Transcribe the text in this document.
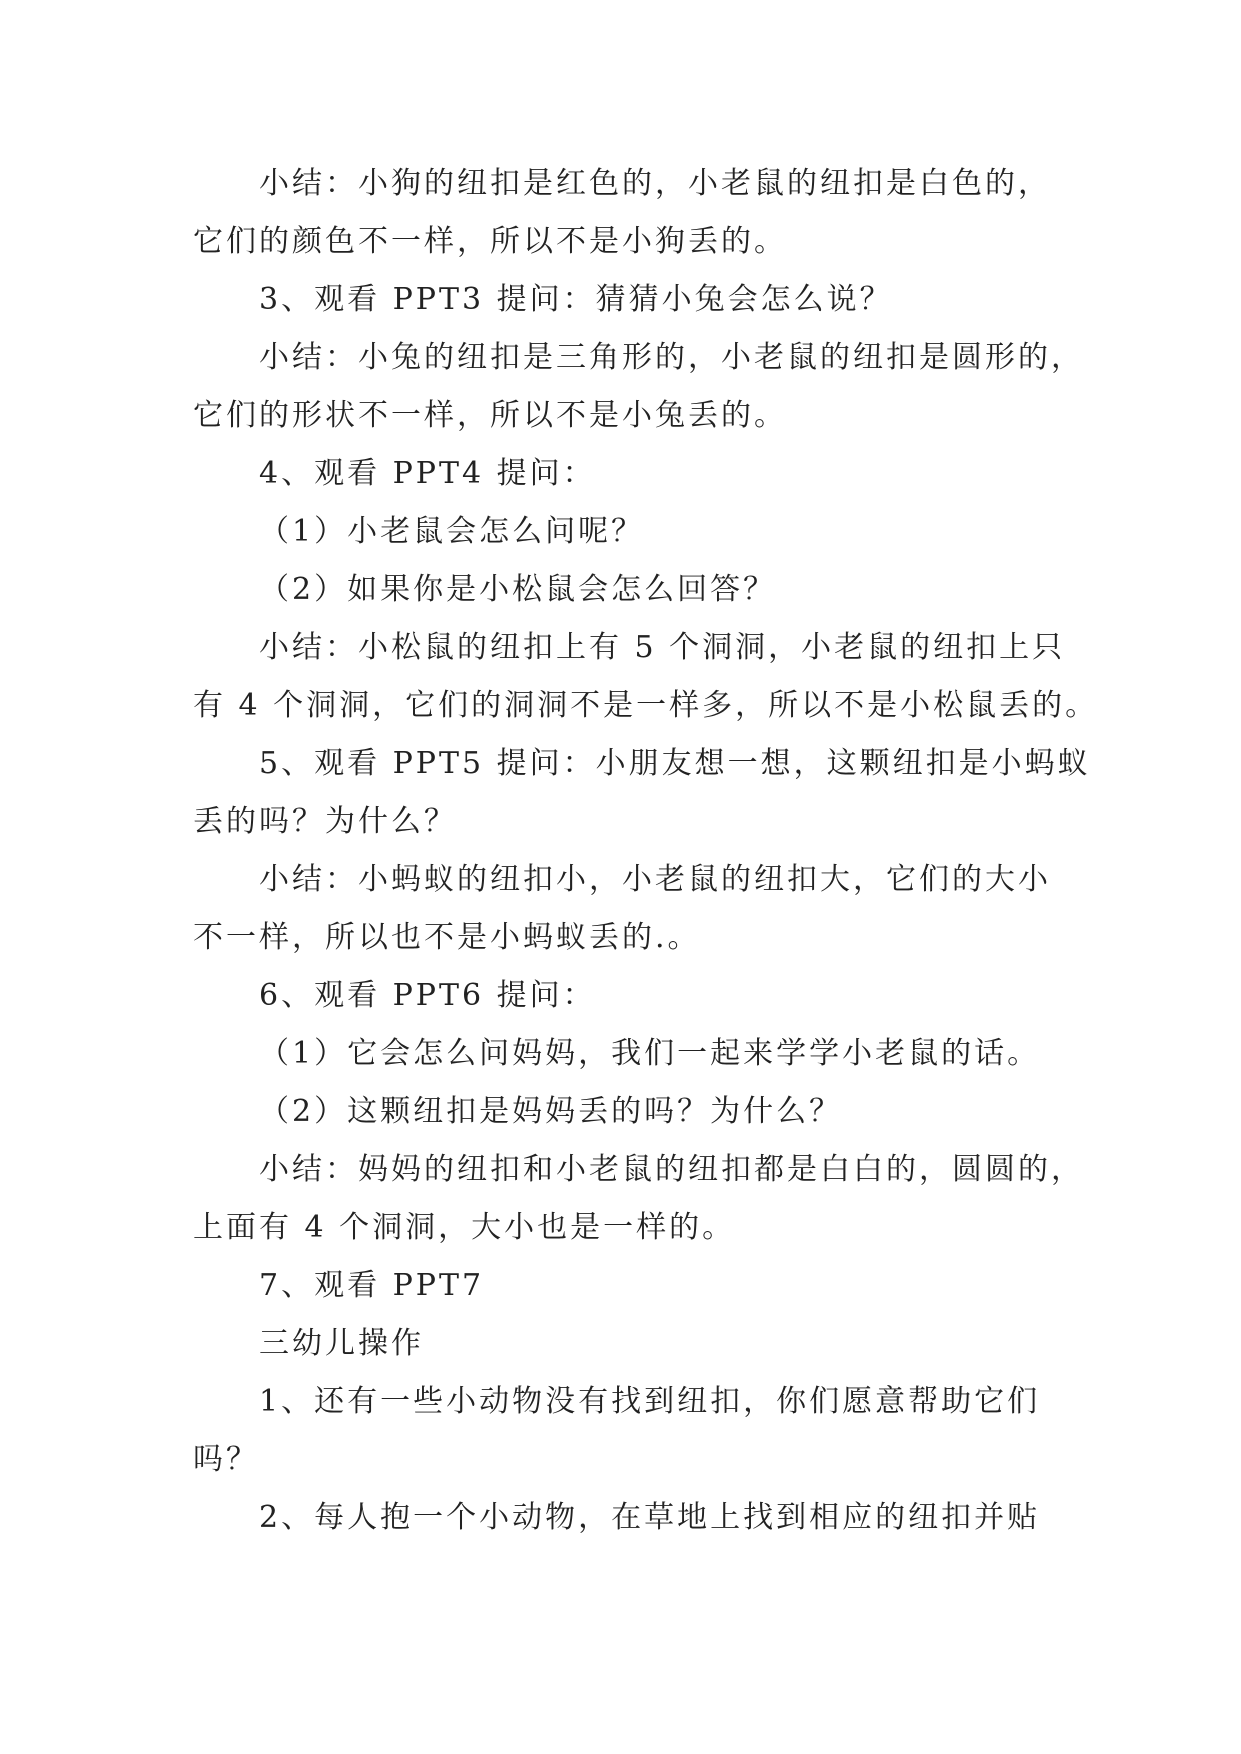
小结：小狗的纽扣是红色的，小老鼠的纽扣是白色的，

它们的颜色不一样，所以不是小狗丢的。

3、观看 PPT3 提问：猜猜小兔会怎么说？

小结：小兔的纽扣是三角形的，小老鼠的纽扣是圆形的，

它们的形状不一样，所以不是小兔丢的。

4、观看 PPT4 提问：

（1）小老鼠会怎么问呢？

（2）如果你是小松鼠会怎么回答？

小结：小松鼠的纽扣上有 5 个洞洞，小老鼠的纽扣上只

有 4 个洞洞，它们的洞洞不是一样多，所以不是小松鼠丢的。

5、观看 PPT5 提问：小朋友想一想，这颗纽扣是小蚂蚁

丢的吗？为什么？

小结：小蚂蚁的纽扣小，小老鼠的纽扣大，它们的大小

不一样，所以也不是小蚂蚁丢的.。

6、观看 PPT6 提问：

（1）它会怎么问妈妈，我们一起来学学小老鼠的话。

（2）这颗纽扣是妈妈丢的吗？为什么？

小结：妈妈的纽扣和小老鼠的纽扣都是白白的，圆圆的，

上面有 4 个洞洞，大小也是一样的。

7、观看 PPT7

三幼儿操作

1、还有一些小动物没有找到纽扣，你们愿意帮助它们

吗？

2、每人抱一个小动物，在草地上找到相应的纽扣并贴
